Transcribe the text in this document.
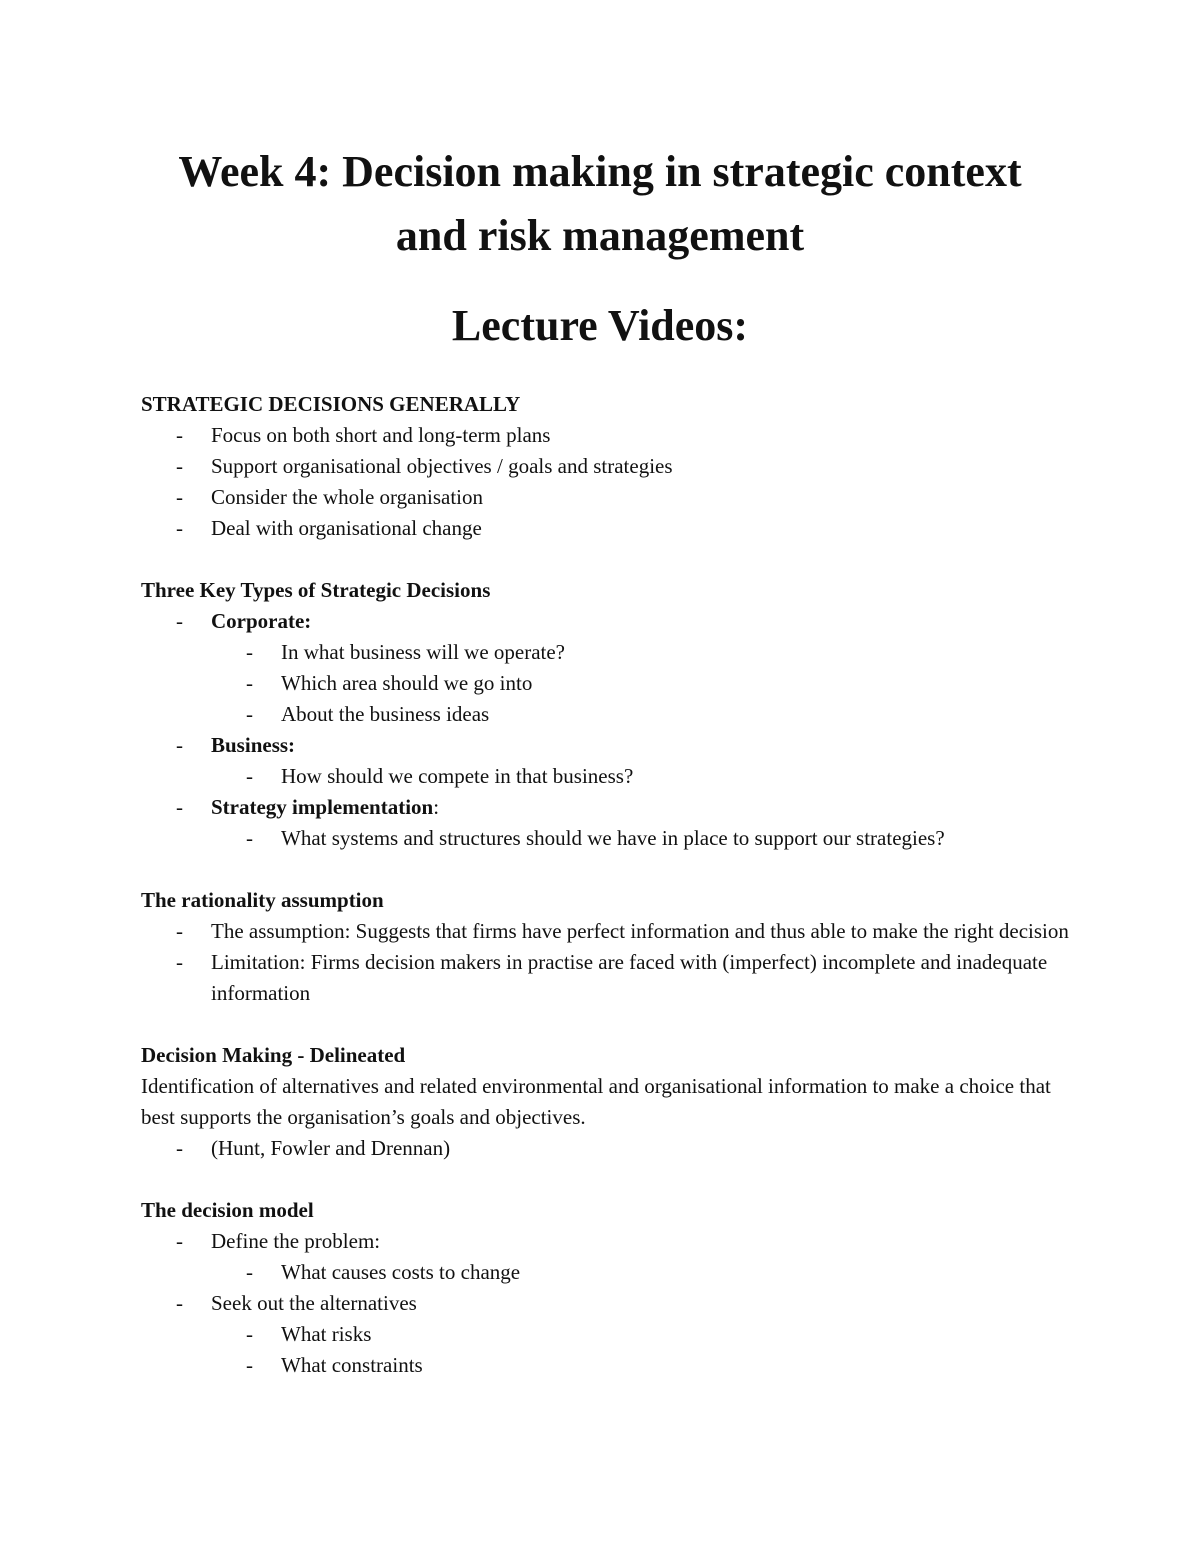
Week 4: Decision making in strategic context
and risk management
Lecture Videos:

STRATEGIC DECISIONS GENERALLY

- Focus on both short and long-term plans
- Support organisational objectives / goals and strategies
- Consider the whole organisation
- Deal with organisational change

Three Key Types of Strategic Decisions

- Corporate:
- In what business will we operate?
- Which area should we go into
- About the business ideas
- Business:
- How should we compete in that business?
- Strategy implementation:
- What systems and structures should we have in place to support our strategies?

The rationality assumption

- The assumption: Suggests that firms have perfect information and thus able to make the right decision
- Limitation: Firms decision makers in practise are faced with (imperfect) incomplete and inadequate information

Decision Making - Delineated

Identification of alternatives and related environmental and organisational information to make a choice that best supports the organisation’s goals and objectives.

- (Hunt, Fowler and Drennan)

The decision model

- Define the problem:
- What causes costs to change
- Seek out the alternatives
- What risks
- What constraints
